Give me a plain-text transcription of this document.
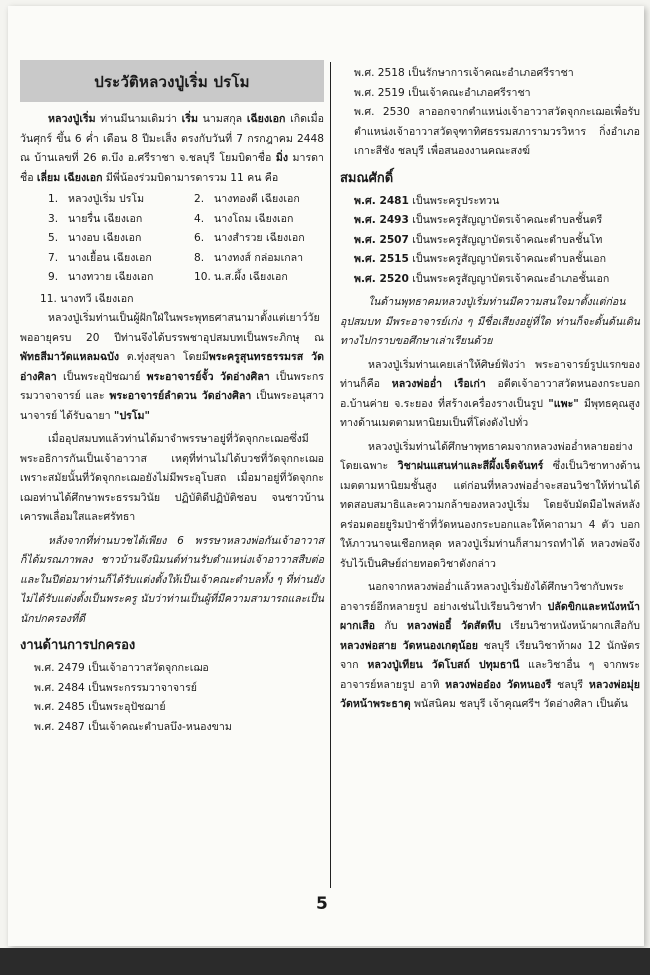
ประวัติหลวงปู่เริ่ม ปรโม

หลวงปู่เริ่ม ท่านมีนามเดิมว่า เริ่ม นามสกุล เฉียงเอก เกิดเมื่อวันศุกร์ ขึ้น 6 ค่ำ เดือน 8 ปีมะเส็ง ตรงกับวันที่ 7 กรกฎาคม 2448 ณ บ้านเลขที่ 26 ต.บึง อ.ศรีราชา จ.ชลบุรี โยมบิดาชื่อ มิ่ง มารดาชื่อ เลี่ยม เฉียงเอก มีพี่น้องร่วมบิดามารดารวม 11 คน คือ

1. หลวงปู่เริ่ม ปรโม	2. นางทองดี เฉียงเอก
3. นายรื่น เฉียงเอก	4. นางโถม เฉียงเอก
5. นางอบ เฉียงเอก	6. นางสำรวย เฉียงเอก
7. นางเยื้อน เฉียงเอก	8. นางทงส์ กล่อมเกลา
9. นางทวาย เฉียงเอก	10. น.ส.ผึ้ง เฉียงเอก
11. นางทวี เฉียงเอก

หลวงปู่เริ่มท่านเป็นผู้ฝักใฝ่ในพระพุทธศาสนามาตั้งแต่เยาว์วัย พออายุครบ 20 ปีท่านจึงได้บรรพชาอุปสมบทเป็นพระภิกษุ ณ พัทธสีมาวัดแหลมฉบัง ต.ทุ่งสุขลา โดยมีพระครูสุนทรธรรมรส วัดอ่างศิลา เป็นพระอุปัชฌาย์ พระอาจารย์จั้ว วัดอ่างศิลา เป็นพระกรรมวาจาจารย์ และ พระอาจารย์ลำดวน วัดอ่างศิลา เป็นพระอนุสาวนาจารย์ ได้รับฉายา "ปรโม"

เมื่ออุปสมบทแล้วท่านได้มาจำพรรษาอยู่ที่วัดจุกกะเฌอซึ่งมีพระอธิการกันเป็นเจ้าอาวาส เหตุที่ท่านไม่ได้บวชที่วัดจุกกะเฌอเพราะสมัยนั้นที่วัดจุกกะเฌอยังไม่มีพระอุโบสถ เมื่อมาอยู่ที่วัดจุกกะเฌอท่านได้ศึกษาพระธรรมวินัย ปฏิบัติดีปฏิบัติชอบ จนชาวบ้านเคารพเลื่อมใสและศรัทธา

หลังจากที่ท่านบวชได้เพียง 6 พรรษาหลวงพ่อกันเจ้าอาวาสก็ได้มรณภาพลง ชาวบ้านจึงนิมนต์ท่านรับตำแหน่งเจ้าอาวาสสืบต่อ และในปีต่อมาท่านก็ได้รับแต่งตั้งให้เป็นเจ้าคณะตำบลทั้ง ๆ ที่ท่านยังไม่ได้รับแต่งตั้งเป็นพระครู นับว่าท่านเป็นผู้ที่มีความสามารถและเป็นนักปกครองที่ดี

งานด้านการปกครอง
พ.ศ. 2479 เป็นเจ้าอาวาสวัดจุกกะเฌอ
พ.ศ. 2484 เป็นพระกรรมวาจาจารย์
พ.ศ. 2485 เป็นพระอุปัชฌาย์
พ.ศ. 2487 เป็นเจ้าคณะตำบลบึง-หนองขาม
พ.ศ. 2518 เป็นรักษาการเจ้าคณะอำเภอศรีราชา
พ.ศ. 2519 เป็นเจ้าคณะอำเภอศรีราชา

พ.ศ. 2530 ลาออกจากตำแหน่งเจ้าอาวาสวัดจุกกะเฌอเพื่อรับตำแหน่งเจ้าอาวาสวัดจุฑาทิศธรรมสภารามวรวิหาร กิ่งอำเภอเกาะสีชัง ชลบุรี เพื่อสนองงานคณะสงฆ์

สมณศักดิ์
พ.ศ. 2481 เป็นพระครูประทวน
พ.ศ. 2493 เป็นพระครูสัญญาบัตรเจ้าคณะตำบลชั้นตรี
พ.ศ. 2507 เป็นพระครูสัญญาบัตรเจ้าคณะตำบลชั้นโท
พ.ศ. 2515 เป็นพระครูสัญญาบัตรเจ้าคณะตำบลชั้นเอก
พ.ศ. 2520 เป็นพระครูสัญญาบัตรเจ้าคณะอำเภอชั้นเอก

ในด้านพุทธาคมหลวงปู่เริ่มท่านมีความสนใจมาตั้งแต่ก่อนอุปสมบท มีพระอาจารย์เก่ง ๆ มีชื่อเสียงอยู่ที่ใด ท่านก็จะดั้นด้นเดินทางไปกราบขอศึกษาเล่าเรียนด้วย

หลวงปู่เริ่มท่านเคยเล่าให้ศิษย์ฟังว่า พระอาจารย์รูปแรกของท่านก็คือ หลวงพ่ออ่ำ เรือเก่า อดีตเจ้าอาวาสวัดหนองกระบอก อ.บ้านค่าย จ.ระยอง ที่สร้างเครื่องรางเป็นรูป "แพะ" มีพุทธคุณสูงทางด้านเมตตามหานิยมเป็นที่โด่งดังไปทั่ว

หลวงปู่เริ่มท่านได้ศึกษาพุทธาคมจากหลวงพ่ออ่ำหลายอย่าง โดยเฉพาะ วิชาฝนแสนห่าและสีผึ้งเจ็ดจันทร์ ซึ่งเป็นวิชาทางด้านเมตตามหานิยมชั้นสูง แต่ก่อนที่หลวงพ่ออ่ำจะสอนวิชาให้ท่านได้ทดสอบสมาธิและความกล้าของหลวงปู่เริ่ม โดยจับมัดมือไพล่หลังคร่อมตอยยูริมป่าช้าที่วัดหนองกระบอกและให้คาถามา 4 ตัว บอกให้ภาวนาจนเชือกหลุด หลวงปู่เริ่มท่านก็สามารถทำได้ หลวงพ่อจึงรับไว้เป็นศิษย์ถ่ายทอดวิชาดังกล่าว

นอกจากหลวงพ่ออ่ำแล้วหลวงปู่เริ่มยังได้ศึกษาวิชากับพระอาจารย์อีกหลายรูป อย่างเช่นไปเรียนวิชาทำ ปลัดขิกและหนังหน้าผากเสือ กับ หลวงพ่ออี๋ วัดสัตหีบ เรียนวิชาหนังหน้าผากเสือกับ หลวงพ่อสาย วัดหนองเกตุน้อย ชลบุรี เรียนวิชาท้าผง 12 นักษัตรจาก หลวงปู่เทียน วัดโบสถ์ ปทุมธานี และวิชาอื่น ๆ จากพระอาจารย์หลายรูป อาทิ หลวงพ่ออ๋อง วัดหนองรี ชลบุรี หลวงพ่อมุ่ย วัดหน้าพระธาตุ พนัสนิคม ชลบุรี เจ้าคุณศรีฯ วัดอ่างศิลา เป็นต้น

5
